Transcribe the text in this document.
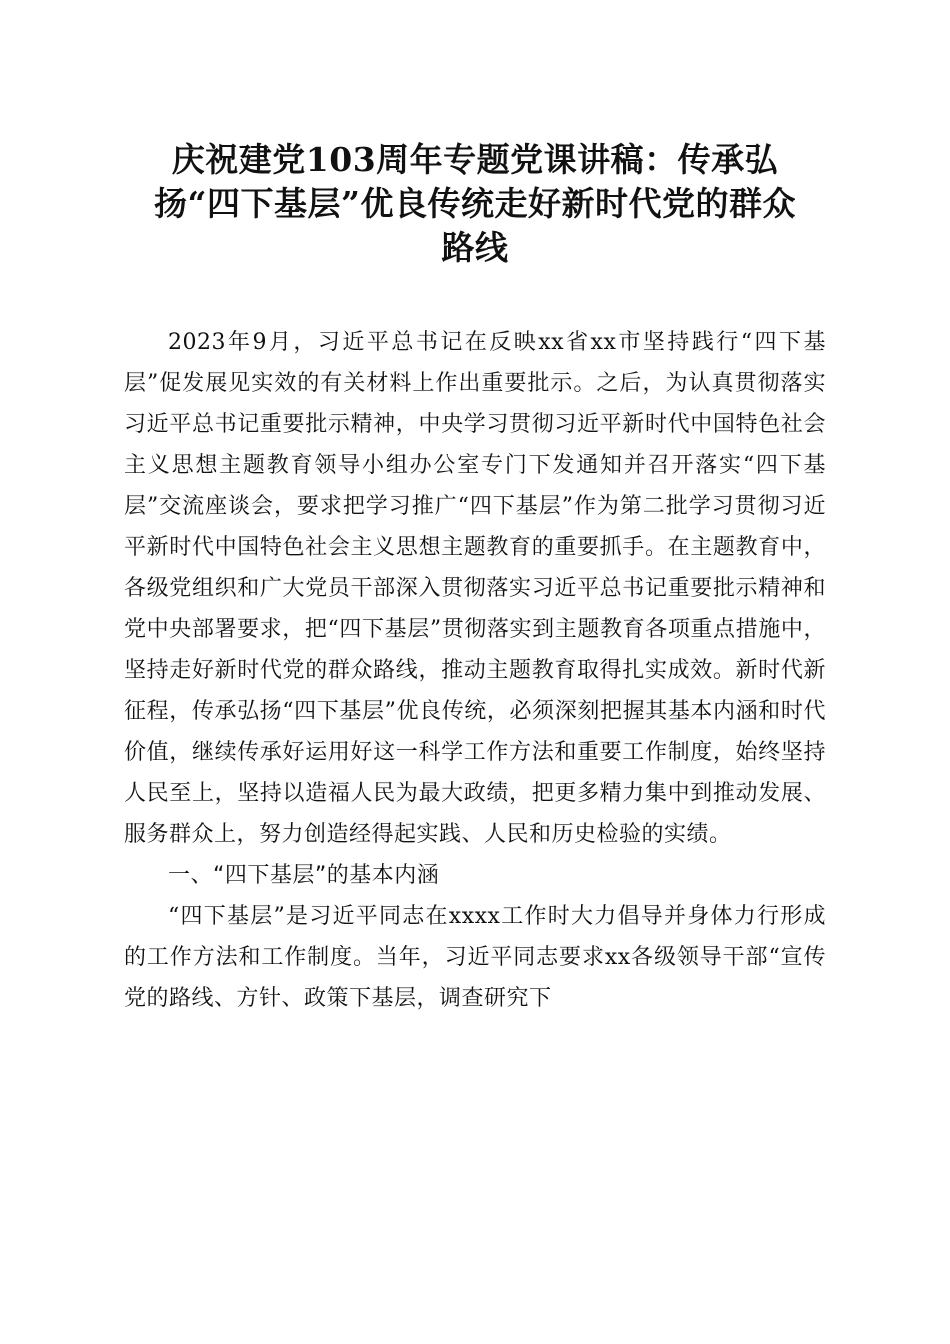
庆祝建党103周年专题党课讲稿：传承弘
扬“四下基层”优良传统走好新时代党的群众
路线

2023年9月，习近平总书记在反映xx省xx市坚持践行“四下基层”促发展见实效的有关材料上作出重要批示。之后，为认真贯彻落实习近平总书记重要批示精神，中央学习贯彻习近平新时代中国特色社会主义思想主题教育领导小组办公室专门下发通知并召开落实“四下基层”交流座谈会，要求把学习推广“四下基层”作为第二批学习贯彻习近平新时代中国特色社会主义思想主题教育的重要抓手。在主题教育中，各级党组织和广大党员干部深入贯彻落实习近平总书记重要批示精神和党中央部署要求，把“四下基层”贯彻落实到主题教育各项重点措施中，坚持走好新时代党的群众路线，推动主题教育取得扎实成效。新时代新征程，传承弘扬“四下基层”优良传统，必须深刻把握其基本内涵和时代价值，继续传承好运用好这一科学工作方法和重要工作制度，始终坚持人民至上，坚持以造福人民为最大政绩，把更多精力集中到推动发展、服务群众上，努力创造经得起实践、人民和历史检验的实绩。

一、“四下基层”的基本内涵

“四下基层”是习近平同志在xxxx工作时大力倡导并身体力行形成的工作方法和工作制度。当年，习近平同志要求xx各级领导干部“宣传党的路线、方针、政策下基层，调查研究下
